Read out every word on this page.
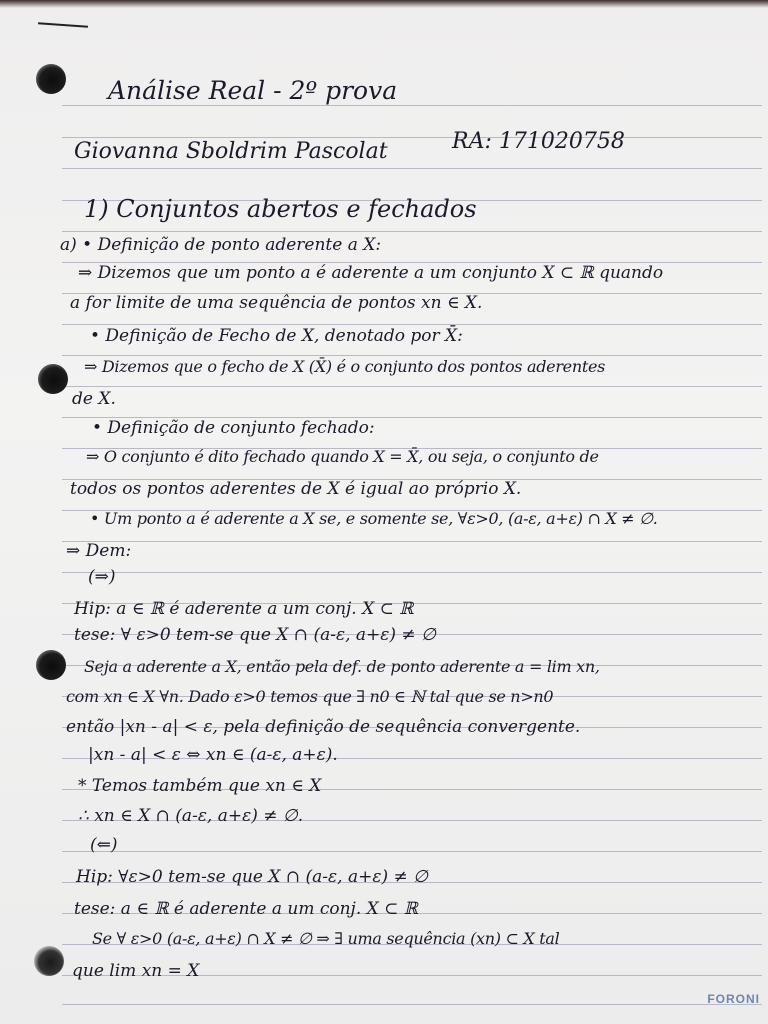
Análise Real - 2º prova

Giovanna Sboldrim Pascolat	RA: 171020758

1) Conjuntos abertos e fechados

a) • Definição de ponto aderente a X:

⇒ Dizemos que um ponto a é aderente a um conjunto X ⊂ ℝ quando

a for limite de uma sequência de pontos xn ∈ X.

• Definição de Fecho de X, denotado por X̄:

⇒ Dizemos que o fecho de X (X̄) é o conjunto dos pontos aderentes

de X.

• Definição de conjunto fechado:

⇒ O conjunto é dito fechado quando X = X̄, ou seja, o conjunto de

todos os pontos aderentes de X é igual ao próprio X.

• Um ponto a é aderente a X se, e somente se, ∀ε>0, (a-ε, a+ε) ∩ X ≠ ∅.

⇒ Dem:

(⇒)

Hip: a ∈ ℝ é aderente a um conj. X ⊂ ℝ

tese: ∀ ε>0 tem-se que X ∩ (a-ε, a+ε) ≠ ∅

Seja a aderente a X, então pela def. de ponto aderente a = lim xn,

com xn ∈ X ∀n. Dado ε>0 temos que ∃ n0 ∈ ℕ tal que se n>n0

então |xn - a| < ε, pela definição de sequência convergente.

|xn - a| < ε ⇔ xn ∈ (a-ε, a+ε).

* Temos também que xn ∈ X

∴ xn ∈ X ∩ (a-ε, a+ε) ≠ ∅.

(⇐)

Hip: ∀ε>0 tem-se que X ∩ (a-ε, a+ε) ≠ ∅

tese: a ∈ ℝ é aderente a um conj. X ⊂ ℝ

Se ∀ ε>0 (a-ε, a+ε) ∩ X ≠ ∅ ⇒ ∃ uma sequência (xn) ⊂ X tal

que lim xn = X

FORONI
